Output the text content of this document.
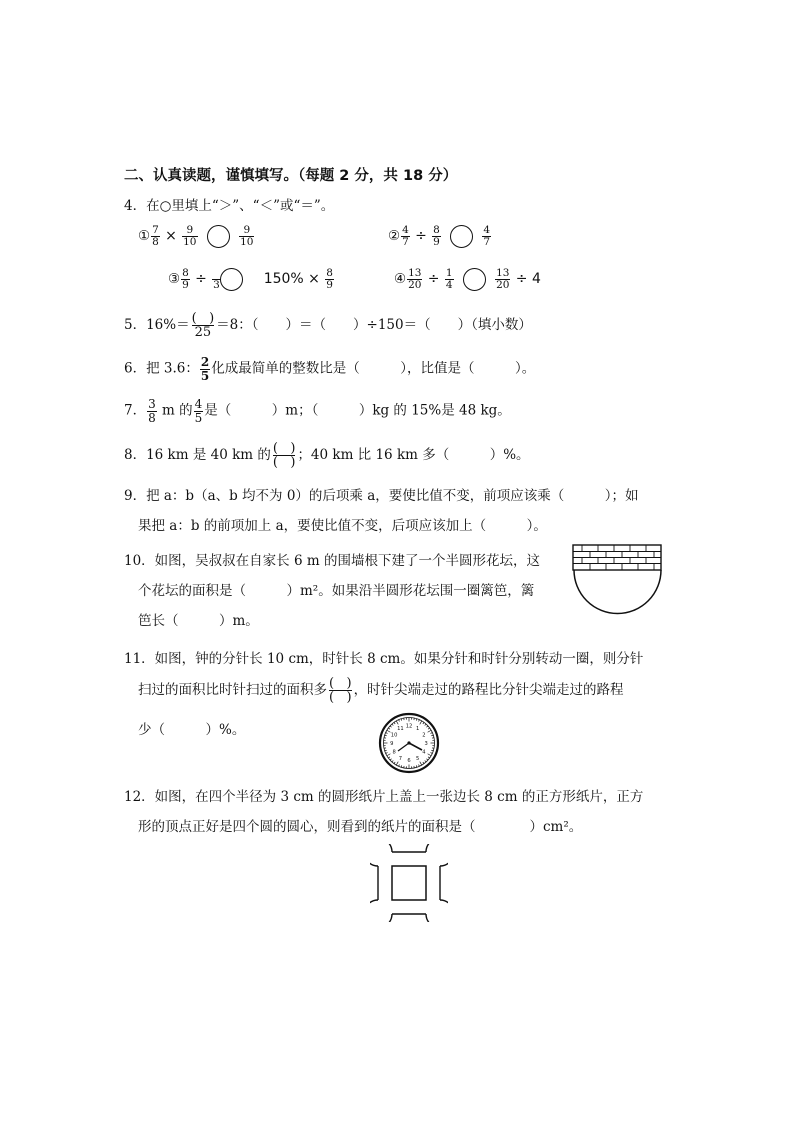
二、认真读题，谨慎填写。（每题 2 分，共 18 分）
4．在○里填上“＞”、“＜”或“＝”。
① $\frac{7}{8} \times \frac{9}{10}$
	$\frac{9}{10}$	② $\frac{4}{7} \div \frac{8}{9}$
	$\frac{4}{7}$
③ $\frac{8}{9}$ ÷
3	$150\% \times \frac{8}{9}$	④ $\frac{13}{20} \div \frac{1}{4}$
	$\frac{13}{20} \div 4$
5．16%＝ ( )
25 ＝8：（　　）＝（　　）÷150＝（　　）（填小数）
6．把 3.6： $\frac{2}{5}$ 化成最简单的整数比是（　　　），比值是（　　　）。
7． $\frac{3}{8}$ m 的 $\frac{4}{5}$ 是（　　　）m；（　　　）kg 的 15%是 48 kg。
8．16 km 是 40 km 的 ( )
( ) ；40 km 比 16 km 多（　　　）%。
9．把 a：b（a、b 均不为 0）的后项乘 a，要使比值不变，前项应该乘（　　　）；如
果把 a：b 的前项加上 a，要使比值不变，后项应该加上（　　　）。
10．如图，吴叔叔在自家长 6 m 的围墙根下建了一个半圆形花坛，这
个花坛的面积是（　　　）m²。如果沿半圆形花坛围一圈篱笆，篱
笆长（　　　）m。
11．如图，钟的分针长 10 cm，时针长 8 cm。如果分针和时针分别转动一圈，则分针
扫过的面积比时针扫过的面积多 ( )
( ) ，时针尖端走过的路程比分针尖端走过的路程
少（　　　）%。	12 1
2
3
4
5
6
7
8
9
10
11
12．如图，在四个半径为 3 cm 的圆形纸片上盖上一张边长 8 cm 的正方形纸片，正方
形的顶点正好是四个圆的圆心，则看到的纸片的面积是（　　　　）cm²。
